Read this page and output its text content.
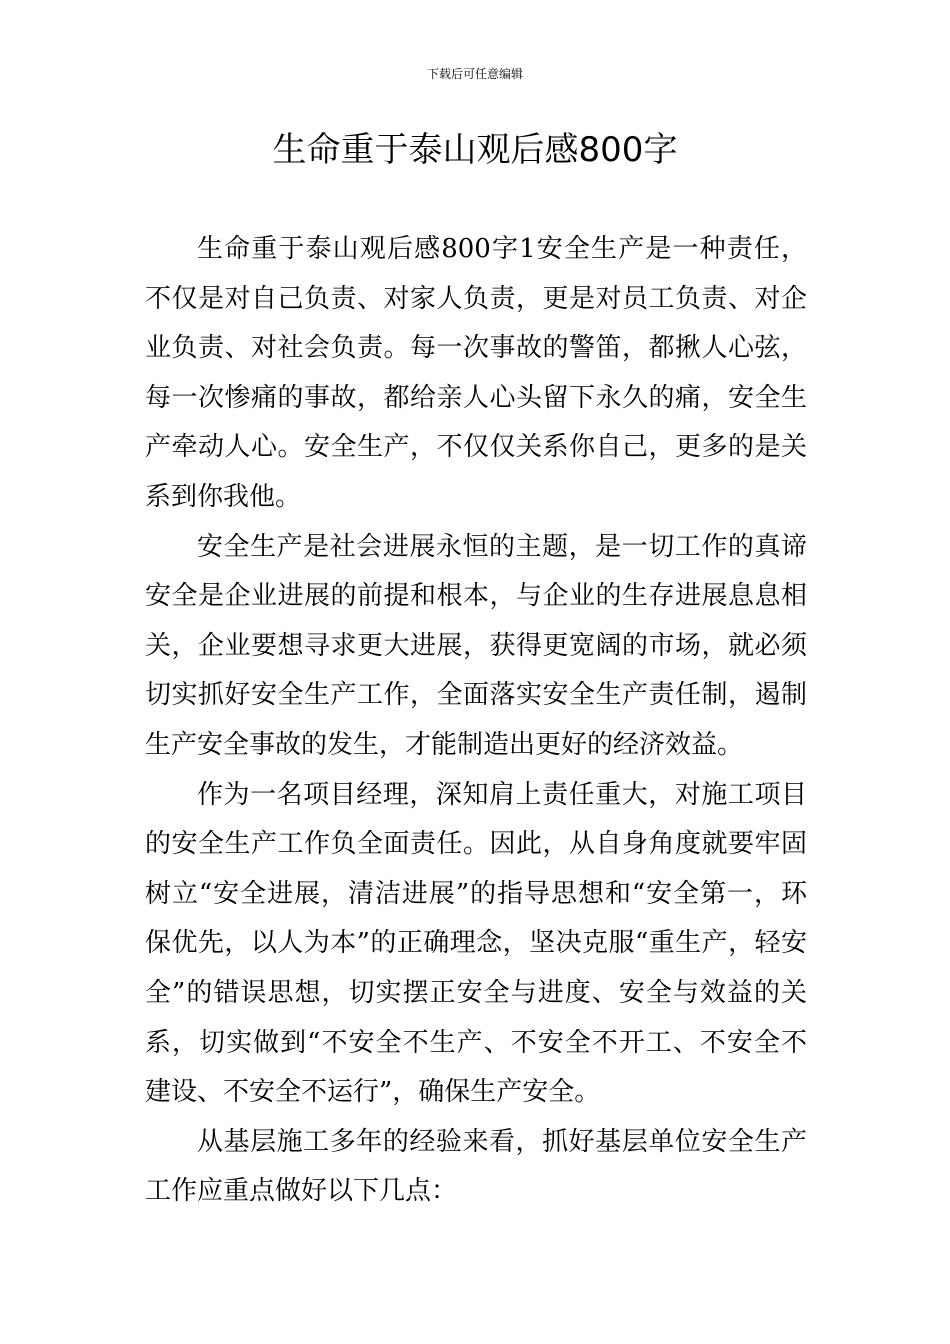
下载后可任意编辑
生命重于泰山观后感800字

生命重于泰山观后感800字1安全生产是一种责任，不仅是对自己负责、对家人负责，更是对员工负责、对企业负责、对社会负责。每一次事故的警笛，都揪人心弦，每一次惨痛的事故，都给亲人心头留下永久的痛，安全生产牵动人心。安全生产，不仅仅关系你自己，更多的是关系到你我他。

安全生产是社会进展永恒的主题，是一切工作的真谛安全是企业进展的前提和根本，与企业的生存进展息息相关，企业要想寻求更大进展，获得更宽阔的市场，就必须切实抓好安全生产工作，全面落实安全生产责任制，遏制生产安全事故的发生，才能制造出更好的经济效益。

作为一名项目经理，深知肩上责任重大，对施工项目的安全生产工作负全面责任。因此，从自身角度就要牢固树立“安全进展，清洁进展”的指导思想和“安全第一，环保优先，以人为本”的正确理念，坚决克服“重生产，轻安全”的错误思想，切实摆正安全与进度、安全与效益的关系，切实做到“不安全不生产、不安全不开工、不安全不建设、不安全不运行”，确保生产安全。

从基层施工多年的经验来看，抓好基层单位安全生产工作应重点做好以下几点：
